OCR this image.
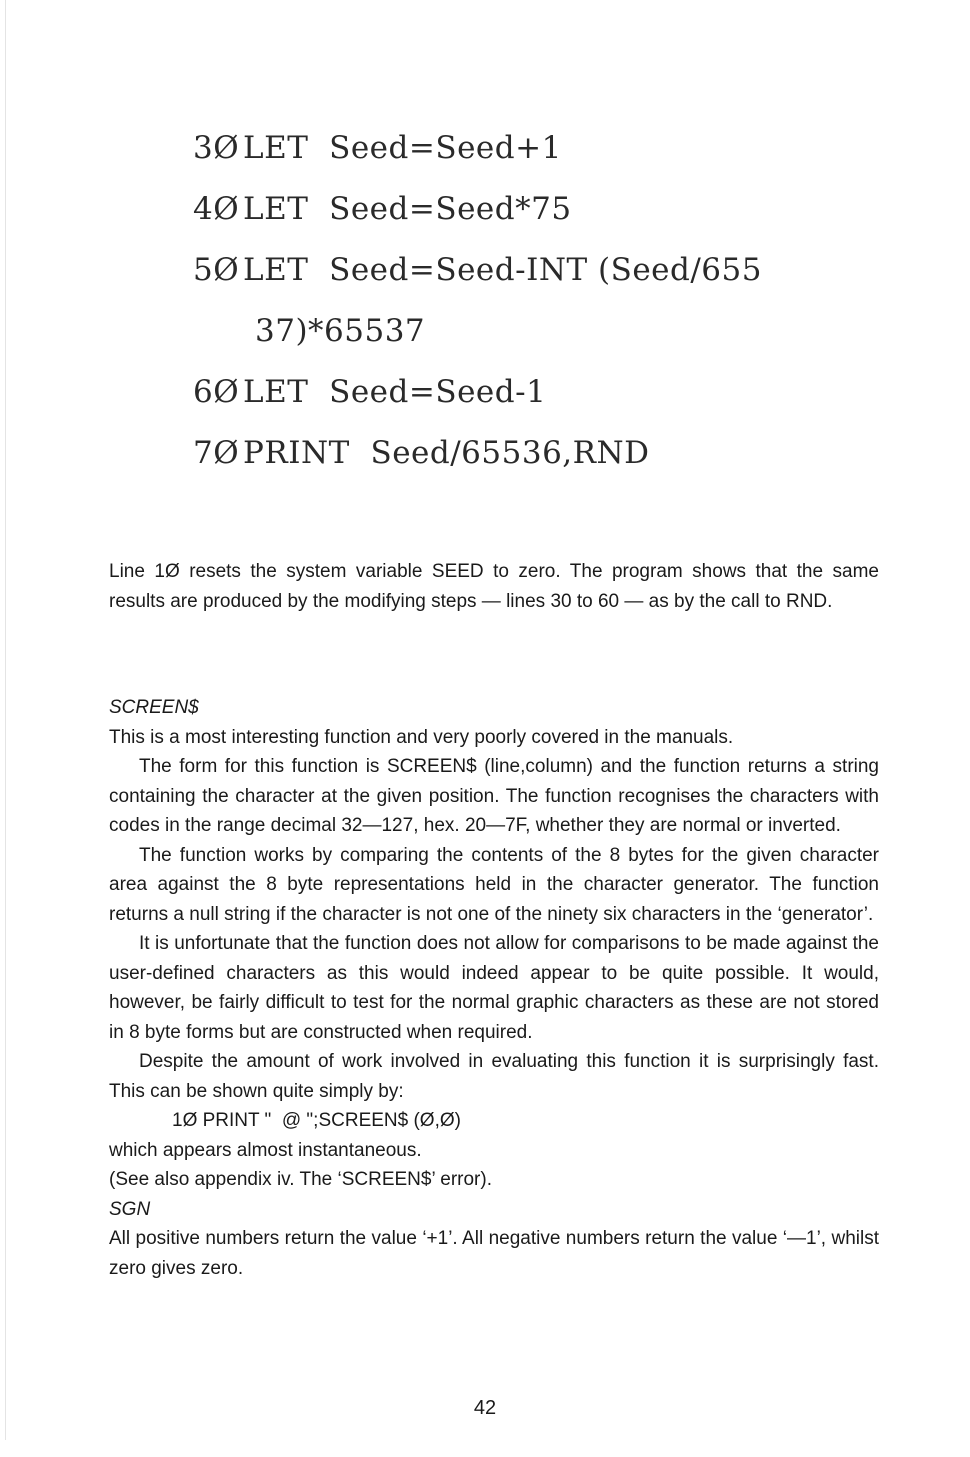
3Ø LET  Seed=Seed+1
4Ø LET  Seed=Seed*75
5Ø LET  Seed=Seed-INT (Seed/655
37)*65537
6Ø LET  Seed=Seed-1
7Ø PRINT  Seed/65536,RND

Line 1Ø resets the system variable SEED to zero. The program shows that the same results are produced by the modifying steps — lines 30 to 60 — as by the call to RND.

SCREEN$

This is a most interesting function and very poorly covered in the manuals.

The form for this function is SCREEN$ (line,column) and the function returns a string containing the character at the given position. The function recognises the characters with codes in the range decimal 32—127, hex. 20—7F, whether they are normal or inverted.

The function works by comparing the contents of the 8 bytes for the given character area against the 8 byte representations held in the character generator. The function returns a null string if the character is not one of the ninety six characters in the ‘generator’.

It is unfortunate that the function does not allow for comparisons to be made against the user-defined characters as this would indeed appear to be quite possible. It would, however, be fairly difficult to test for the normal graphic characters as these are not stored in 8 byte forms but are constructed when required.

Despite the amount of work involved in evaluating this function it is surprisingly fast. This can be shown quite simply by:

1Ø PRINT "  @ ";SCREEN$ (Ø,Ø)

which appears almost instantaneous.

(See also appendix iv. The ‘SCREEN$’ error).

SGN

All positive numbers return the value ‘+1’. All negative numbers return the value ‘—1’, whilst zero gives zero.

42
